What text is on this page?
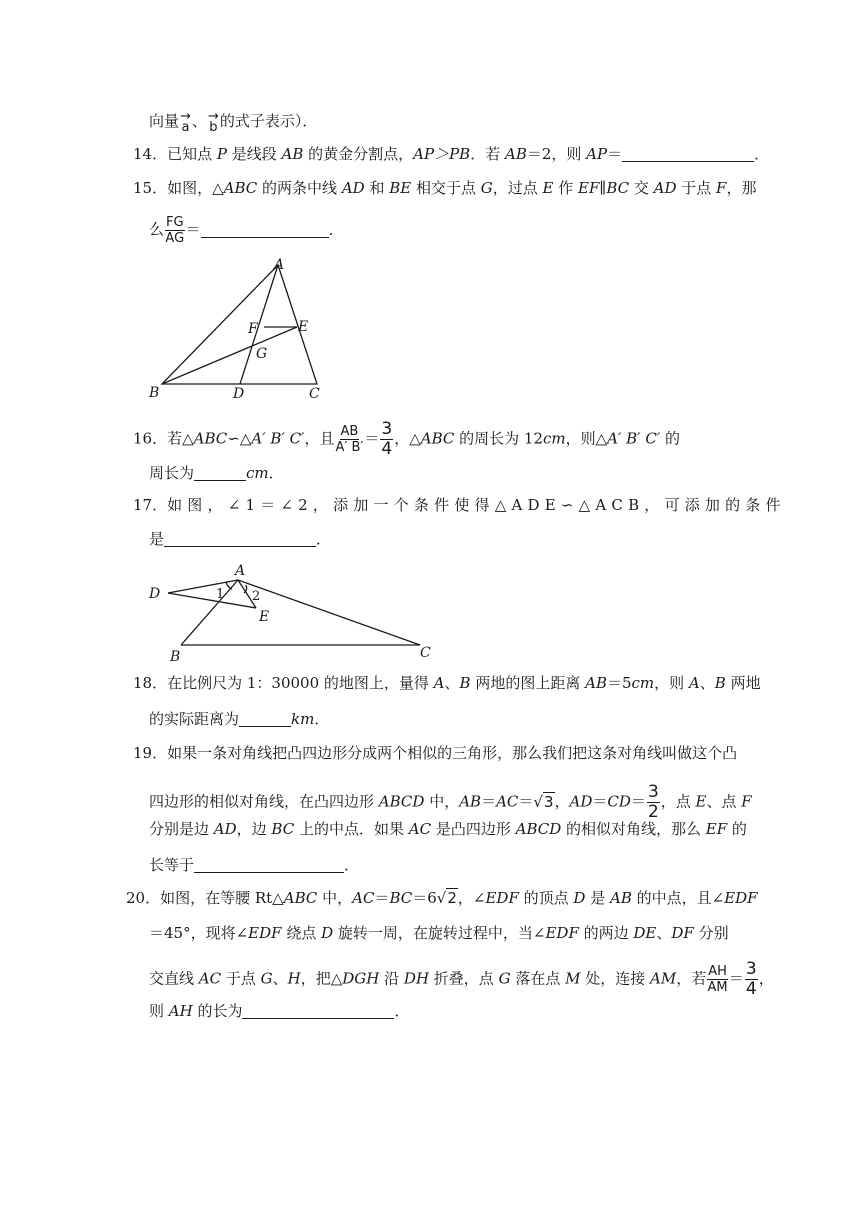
向量 →
a 、 →
b 的式子表示）．
14．已知点 P 是线段 AB 的黄金分割点，AP＞PB．若 AB＝2，则 AP＝	．
15．如图，△ABC 的两条中线 AD 和 BE 相交于点 G，过点 E 作 EF∥BC 交 AD 于点 F，那
么 $\frac{FG}{AG}$ ＝	．
A
B	C
D
E
F
G
16．若△ABC∽△A′ B′ C′，且 $\frac{AB}{A' B'} = \frac{3}{4}$ ，△ABC 的周长为 12cm，则△A′ B′ C′ 的
周长为	cm．
17．如图，∠1＝∠2，添加一个条件使得△ADE∽△ACB，可添加的条件
是	．
A
B	C
D
E
1 2
18．在比例尺为 1：30000 的地图上，量得 A、B 两地的图上距离 AB＝5cm，则 A、B 两地
的实际距离为	km．
19．如果一条对角线把凸四边形分成两个相似的三角形，那么我们把这条对角线叫做这个凸
四边形的相似对角线，在凸四边形 ABCD 中，AB＝AC＝√3，$AD=CD= \frac{3}{2}$ ，点 E、点 F
分别是边 AD，边 BC 上的中点．如果 AC 是凸四边形 ABCD 的相似对角线，那么 EF 的
长等于	．
20．如图，在等腰 Rt△ABC 中，AC＝BC＝6√2，∠EDF 的顶点 D 是 AB 的中点，且∠EDF
＝45°，现将∠EDF 绕点 D 旋转一周，在旋转过程中，当∠EDF 的两边 DE、DF 分别
交直线 AC 于点 G、H，把△DGH 沿 DH 折叠，点 G 落在点 M 处，连接 AM，若 $\frac{AH}{AM} = \frac{3}{4}$ ，
则 AH 的长为	．
